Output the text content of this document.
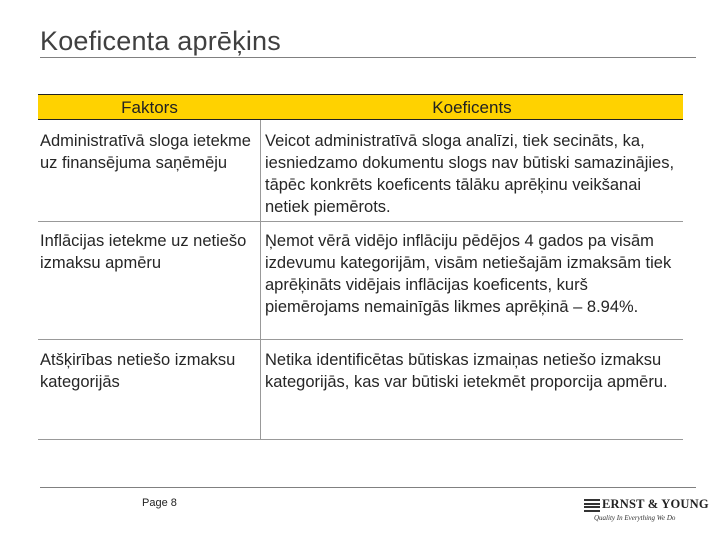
Koeficenta aprēķins
Faktors	Koeficents
Administratīvā sloga ietekme uz finansējuma saņēmēju
Veicot administratīvā sloga analīzi, tiek secināts, ka, iesniedzamo dokumentu slogs nav būtiski samazinājies, tāpēc konkrēts koeficents tālāku aprēķinu veikšanai netiek piemērots.
Inflācijas ietekme uz netiešo izmaksu apmēru
Ņemot vērā vidējo inflāciju pēdējos 4 gados pa visām izdevumu kategorijām, visām netiešajām izmaksām tiek aprēķināts vidējais inflācijas koeficents, kurš piemērojams nemainīgās likmes aprēķinā – 8.94%.
Atšķirības netiešo izmaksu kategorijās
Netika identificētas būtiskas izmaiņas netiešo izmaksu kategorijās, kas var būtiski ietekmēt proporcija apmēru.
Page 8	ERNST & YOUNG
Quality In Everything We Do
